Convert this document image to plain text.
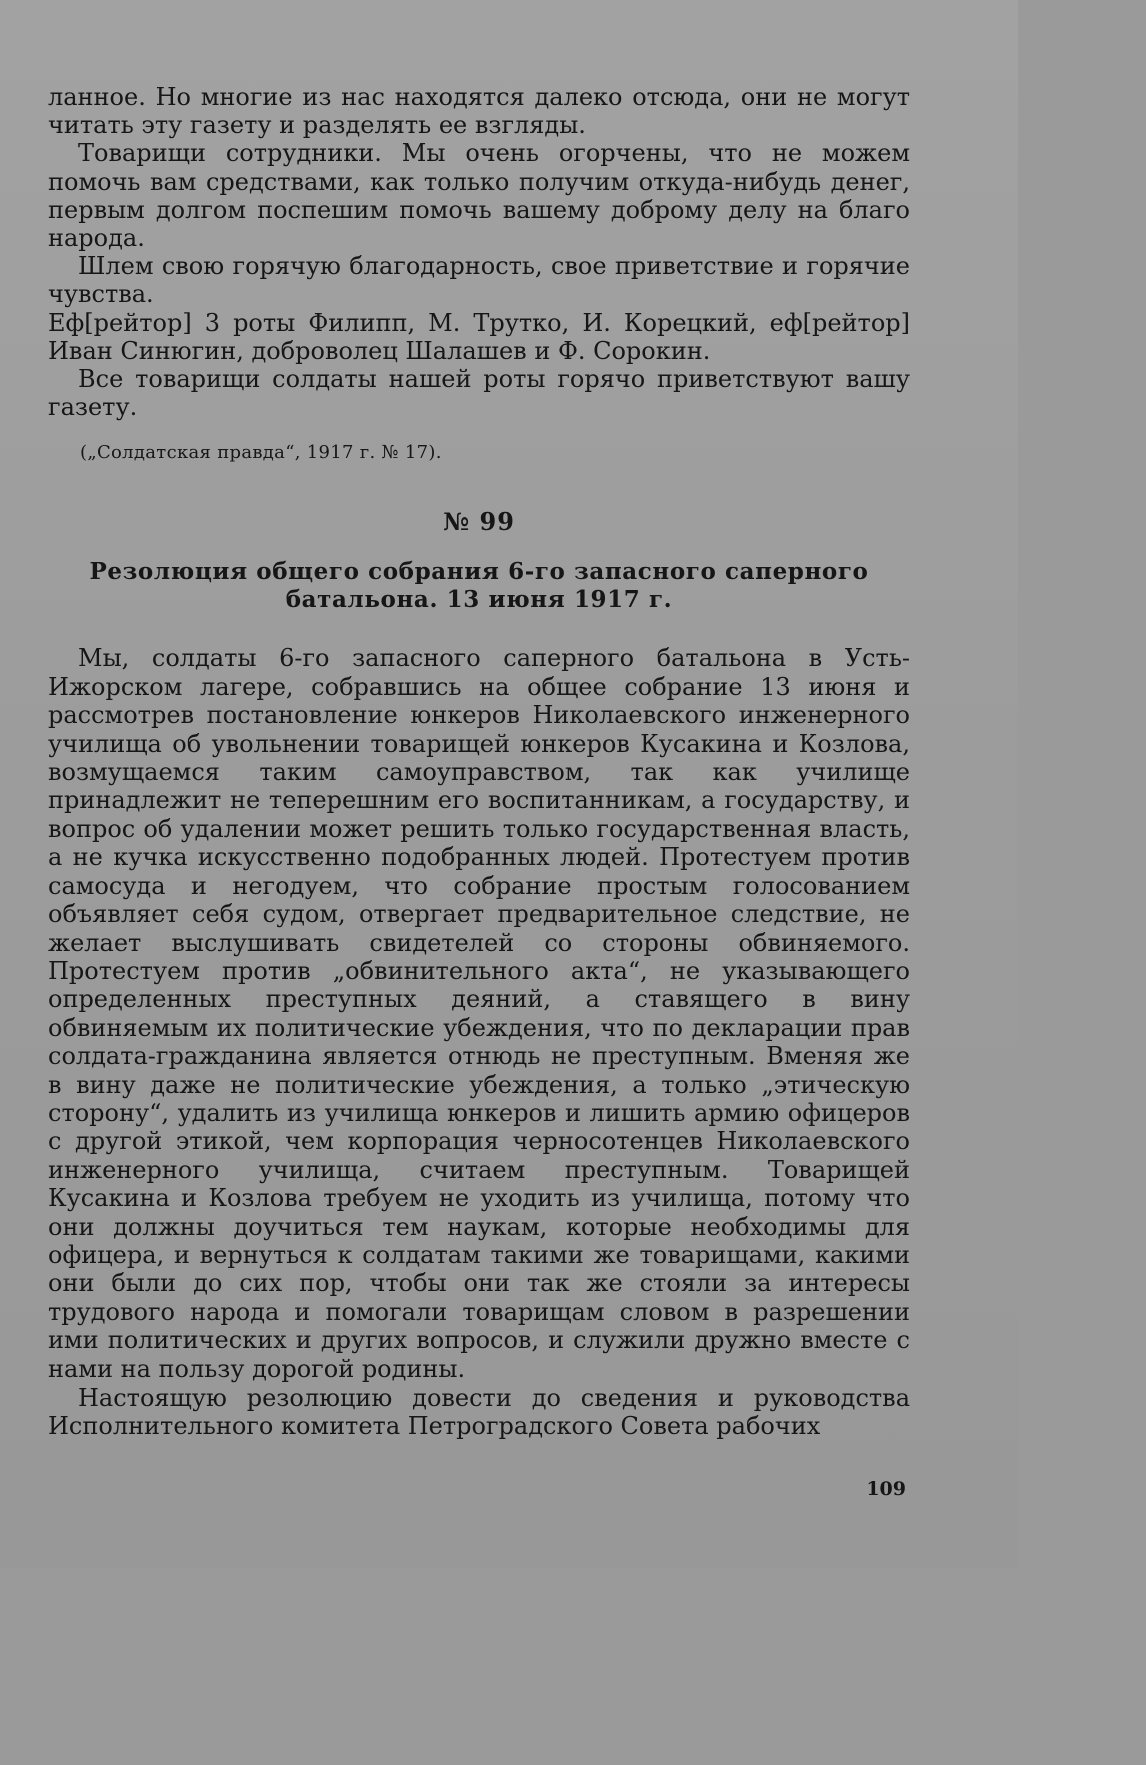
ланное. Но многие из нас находятся далеко отсюда, они не могут читать эту газету и разделять ее взгляды.

Товарищи сотрудники. Мы очень огорчены, что не можем помочь вам средствами, как только получим откуда-нибудь денег, первым долгом поспешим помочь вашему доброму делу на благо народа.

Шлем свою горячую благодарность, свое приветствие и горячие чувства.

Еф[рейтор] 3 роты Филипп, М. Трутко, И. Корецкий, еф[рейтор] Иван Синюгин, доброволец Шалашев и Ф. Сорокин.

Все товарищи солдаты нашей роты горячо приветствуют вашу газету.

(„Солдатская правда“, 1917 г. № 17).

№ 99
Резолюция общего собрания 6-го запасного саперного
батальона. 13 июня 1917 г.

Мы, солдаты 6-го запасного саперного батальона в Усть-Ижорском лагере, собравшись на общее собрание 13 июня и рассмотрев постановление юнкеров Николаевского инженерного училища об увольнении товарищей юнкеров Кусакина и Козлова, возмущаемся таким самоуправством, так как училище принадлежит не теперешним его воспитанникам, а государству, и вопрос об удалении может решить только государственная власть, а не кучка искусственно подобранных людей. Протестуем против самосуда и негодуем, что собрание простым голосованием объявляет себя судом, отвергает предварительное следствие, не желает выслушивать свидетелей со стороны обвиняемого. Протестуем против „обвинительного акта“, не указывающего определенных преступных деяний, а ставящего в вину обвиняемым их политические убеждения, что по декларации прав солдата-гражданина является отнюдь не преступным. Вменяя же в вину даже не политические убеждения, а только „этическую сторону“, удалить из училища юнкеров и лишить армию офицеров с другой этикой, чем корпорация черносотенцев Николаевского инженерного училища, считаем преступным. Товарищей Кусакина и Козлова требуем не уходить из училища, потому что они должны доучиться тем наукам, которые необходимы для офицера, и вернуться к солдатам такими же товарищами, какими они были до сих пор, чтобы они так же стояли за интересы трудового народа и помогали товарищам словом в разрешении ими политических и других вопросов, и служили дружно вместе с нами на пользу дорогой родины.

Настоящую резолюцию довести до сведения и руководства Исполнительного комитета Петроградского Совета рабочих

109
